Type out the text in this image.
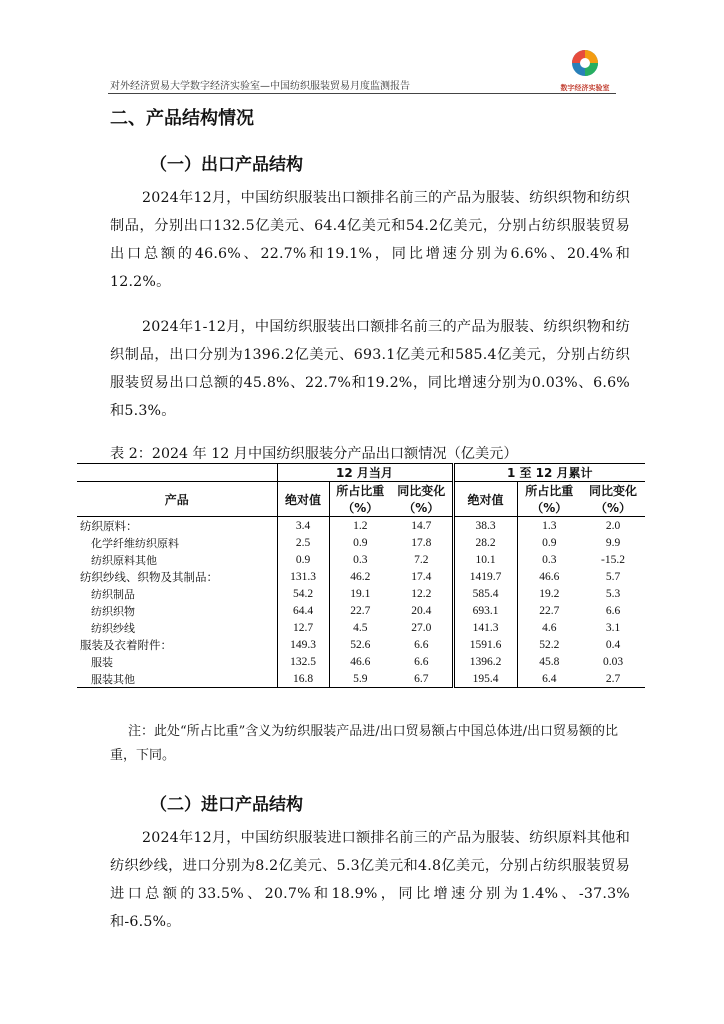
对外经济贸易大学数字经济实验室—中国纺织服装贸易月度监测报告	数字经济实验室
二、产品结构情况
（一）出口产品结构
2024年12月，中国纺织服装出口额排名前三的产品为服装、纺织织物和纺织制品，分别出口132.5亿美元、64.4亿美元和54.2亿美元，分别占纺织服装贸易出口总额的46.6%、22.7%和19.1%，同比增速分别为6.6%、20.4%和12.2%。
2024年1-12月，中国纺织服装出口额排名前三的产品为服装、纺织织物和纺织制品，出口分别为1396.2亿美元、693.1亿美元和585.4亿美元，分别占纺织服装贸易出口总额的45.8%、22.7%和19.2%，同比增速分别为0.03%、6.6%和5.3%。
表 2：2024 年 12 月中国纺织服装分产品出口额情况（亿美元）
	12 月当月			1 至 12 月累计		
产品	绝对值	所占比重（%）	同比变化（%）	绝对值	所占比重（%）	同比变化（%）
纺织原料：	3.4	1.2	14.7	38.3	1.3	2.0
化学纤维纺织原料	2.5	0.9	17.8	28.2	0.9	9.9
纺织原料其他	0.9	0.3	7.2	10.1	0.3	-15.2
纺织纱线、织物及其制品：	131.3	46.2	17.4	1419.7	46.6	5.7
纺织制品	54.2	19.1	12.2	585.4	19.2	5.3
纺织织物	64.4	22.7	20.4	693.1	22.7	6.6
纺织纱线	12.7	4.5	27.0	141.3	4.6	3.1
服装及衣着附件：	149.3	52.6	6.6	1591.6	52.2	0.4
服装	132.5	46.6	6.6	1396.2	45.8	0.03
服装其他	16.8	5.9	6.7	195.4	6.4	2.7
注：此处“所占比重”含义为纺织服装产品进/出口贸易额占中国总体进/出口贸易额的比重，下同。
（二）进口产品结构
2024年12月，中国纺织服装进口额排名前三的产品为服装、纺织原料其他和纺织纱线，进口分别为8.2亿美元、5.3亿美元和4.8亿美元，分别占纺织服装贸易进口总额的33.5%、20.7%和18.9%，同比增速分别为1.4%、-37.3%和-6.5%。
